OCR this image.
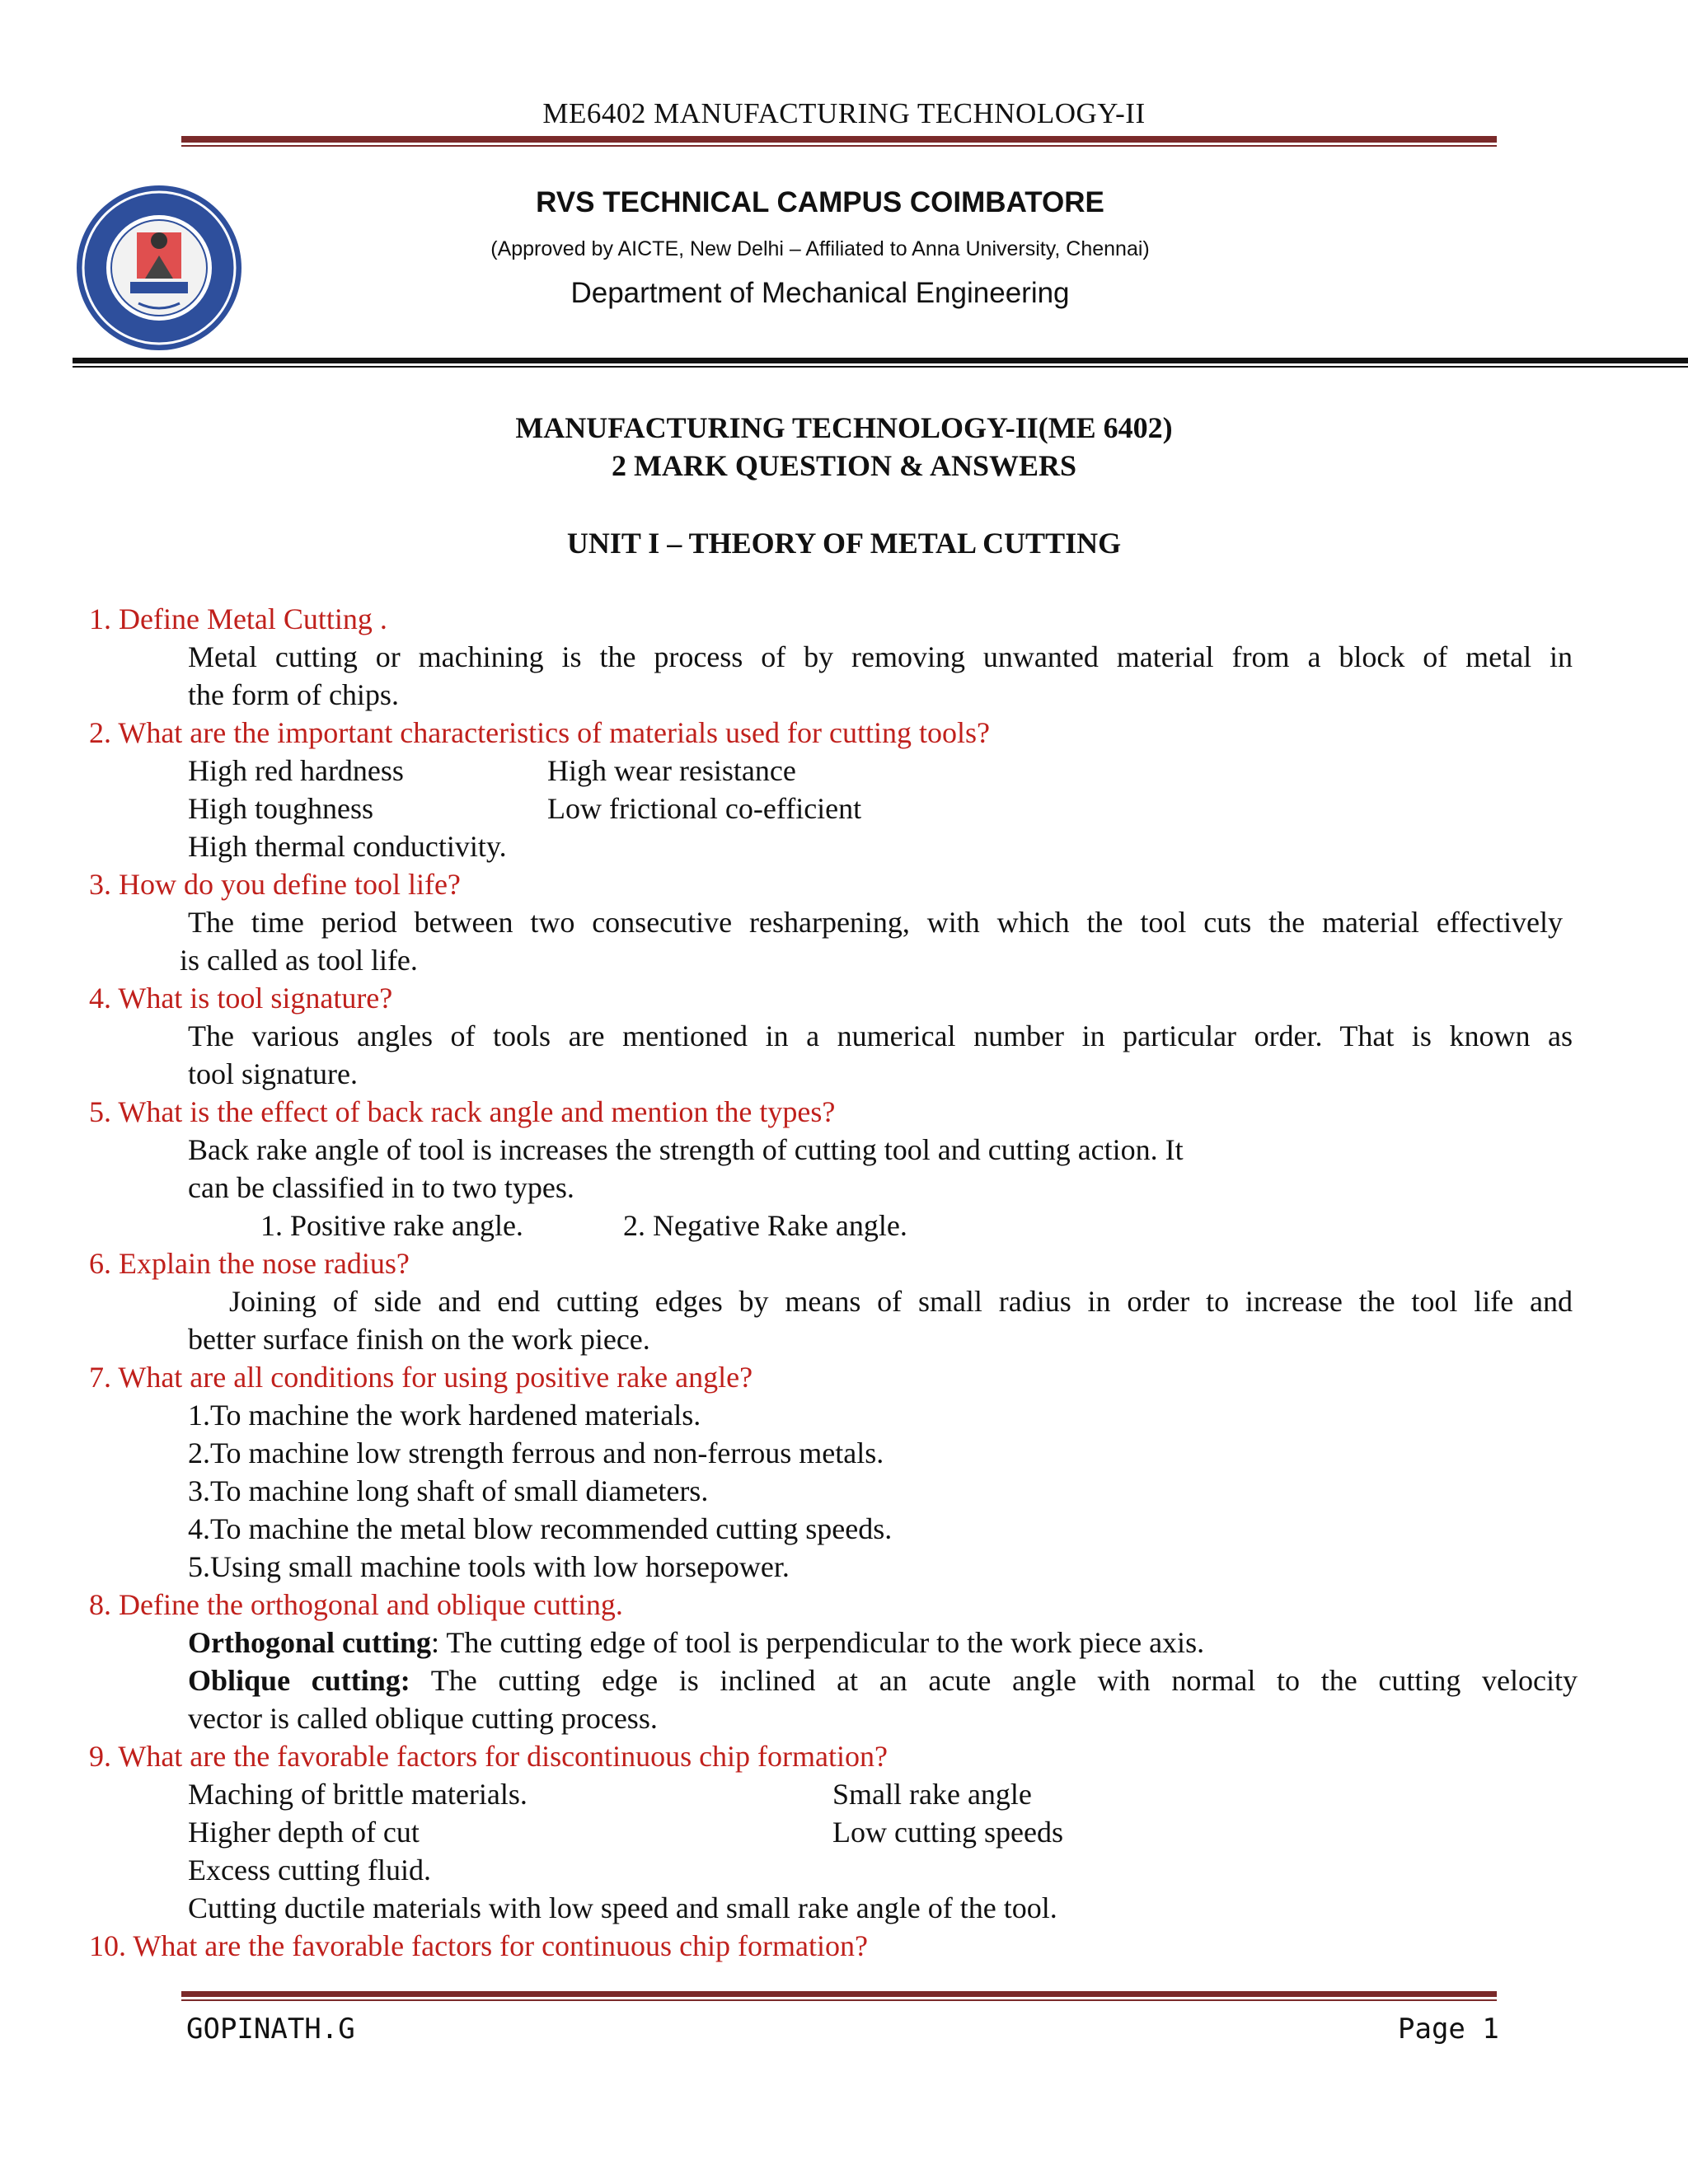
ME6402 MANUFACTURING TECHNOLOGY-II
RVS TECHNICAL CAMPUS COIMBATORE
(Approved by AICTE, New Delhi – Affiliated to Anna University, Chennai)
Department of Mechanical Engineering
MANUFACTURING TECHNOLOGY-II(ME 6402)
2 MARK QUESTION & ANSWERS
UNIT I – THEORY OF METAL CUTTING
1. Define Metal Cutting .
Metal cutting or machining is the process of by removing unwanted material from a block of metal in
the form of chips.
2. What are the important characteristics of materials used for cutting tools?
High red hardness	High wear resistance
High toughness	Low frictional co-efficient
High thermal conductivity.
3. How do you define tool life?
The time period between two consecutive resharpening, with which the tool cuts the material effectively
is called as tool life.
4. What is tool signature?
The various angles of tools are mentioned in a numerical number in particular order. That is known as
tool signature.
5. What is the effect of back rack angle and mention the types?
Back rake angle of tool is increases the strength of cutting tool and cutting action. It
can be classified in to two types.
1. Positive rake angle.	2. Negative Rake angle.
6. Explain the nose radius?
Joining of side and end cutting edges by means of small radius in order to increase the tool life and
better surface finish on the work piece.
7. What are all conditions for using positive rake angle?
1.To machine the work hardened materials.
2.To machine low strength ferrous and non-ferrous metals.
3.To machine long shaft of small diameters.
4.To machine the metal blow recommended cutting speeds.
5.Using small machine tools with low horsepower.
8. Define the orthogonal and oblique cutting.
Orthogonal cutting: The cutting edge of tool is perpendicular to the work piece axis.
Oblique cutting: The cutting edge is inclined at an acute angle with normal to the cutting velocity
vector is called oblique cutting process.
9. What are the favorable factors for discontinuous chip formation?
Maching of brittle materials.	Small rake angle
Higher depth of cut	Low cutting speeds
Excess cutting fluid.
Cutting ductile materials with low speed and small rake angle of the tool.
10. What are the favorable factors for continuous chip formation?
GOPINATH.G	Page 1
